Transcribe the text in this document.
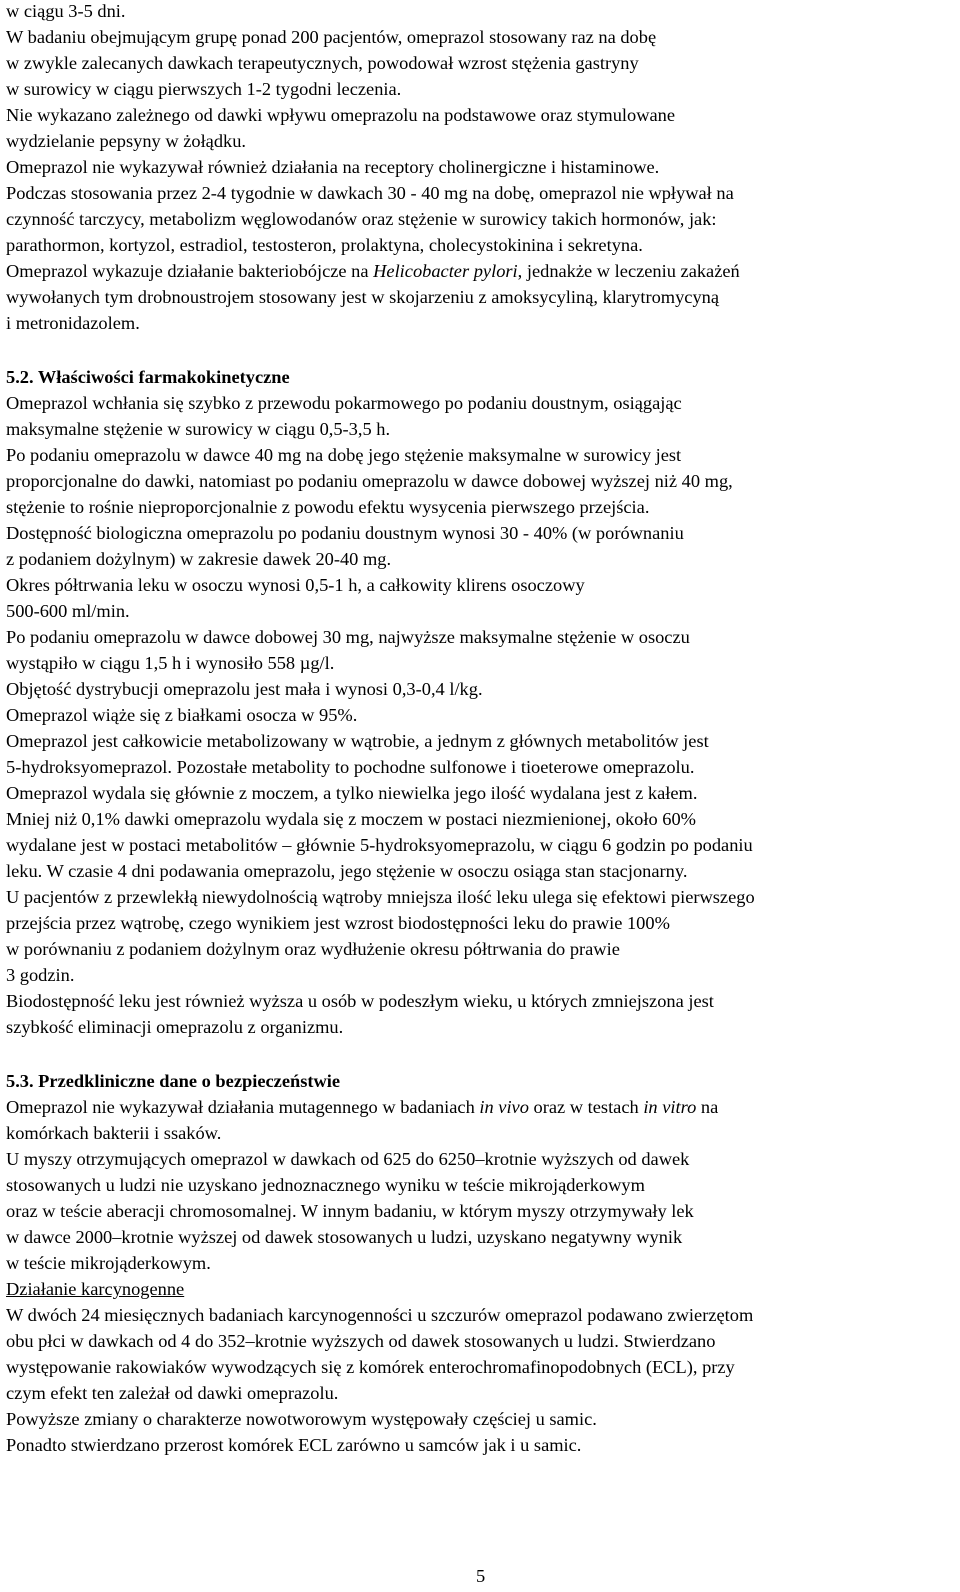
w ciągu 3-5 dni.
W badaniu obejmującym grupę ponad 200 pacjentów, omeprazol stosowany raz na dobę
w zwykle zalecanych dawkach terapeutycznych, powodował wzrost stężenia gastryny
w surowicy w ciągu pierwszych 1-2 tygodni leczenia.
Nie wykazano zależnego od dawki wpływu omeprazolu na podstawowe oraz stymulowane
wydzielanie pepsyny w żołądku.
Omeprazol nie wykazywał również działania na receptory cholinergiczne i histaminowe.
Podczas stosowania przez 2-4 tygodnie w dawkach 30 - 40 mg na dobę, omeprazol nie wpływał na
czynność tarczycy, metabolizm węglowodanów oraz stężenie w surowicy takich hormonów, jak:
parathormon, kortyzol, estradiol, testosteron, prolaktyna, cholecystokinina i sekretyna.
Omeprazol wykazuje działanie bakteriobójcze na Helicobacter pylori, jednakże w leczeniu zakażeń
wywołanych tym drobnoustrojem stosowany jest w skojarzeniu z amoksycyliną, klarytromycyną
i metronidazolem.
5.2. Właściwości farmakokinetyczne
Omeprazol wchłania się szybko z przewodu pokarmowego po podaniu doustnym, osiągając
maksymalne stężenie w surowicy w ciągu 0,5-3,5 h.
Po podaniu omeprazolu w dawce 40 mg na dobę jego stężenie maksymalne w surowicy jest
proporcjonalne do dawki, natomiast po podaniu omeprazolu w dawce dobowej wyższej niż 40 mg,
stężenie to rośnie nieproporcjonalnie z powodu efektu wysycenia pierwszego przejścia.
Dostępność biologiczna omeprazolu po podaniu doustnym wynosi 30 - 40% (w porównaniu
z podaniem dożylnym) w zakresie dawek 20-40 mg.
Okres półtrwania leku w osoczu wynosi 0,5-1 h, a całkowity klirens osoczowy
500-600 ml/min.
Po podaniu omeprazolu w dawce dobowej 30 mg, najwyższe maksymalne stężenie w osoczu
wystąpiło w ciągu 1,5 h i wynosiło 558 µg/l.
Objętość dystrybucji omeprazolu jest mała i wynosi 0,3-0,4 l/kg.
Omeprazol wiąże się z białkami osocza w 95%.
Omeprazol jest całkowicie metabolizowany w wątrobie, a jednym z głównych metabolitów jest
5-hydroksyomeprazol. Pozostałe metabolity to pochodne sulfonowe i tioeterowe omeprazolu.
Omeprazol wydala się głównie z moczem, a tylko niewielka jego ilość wydalana jest z kałem.
Mniej niż 0,1% dawki omeprazolu wydala się z moczem w postaci niezmienionej, około 60%
wydalane jest w postaci metabolitów – głównie 5-hydroksyomeprazolu, w ciągu 6 godzin po podaniu
leku. W czasie 4 dni podawania omeprazolu, jego stężenie w osoczu osiąga stan stacjonarny.
U pacjentów z przewlekłą niewydolnością wątroby mniejsza ilość leku ulega się efektowi pierwszego
przejścia przez wątrobę, czego wynikiem jest wzrost biodostępności leku do prawie 100%
w porównaniu z podaniem dożylnym oraz wydłużenie okresu półtrwania do prawie
3 godzin.
Biodostępność leku jest również wyższa u osób w podeszłym wieku, u których zmniejszona jest
szybkość eliminacji omeprazolu z organizmu.
5.3. Przedkliniczne dane o bezpieczeństwie
Omeprazol nie wykazywał działania mutagennego w badaniach in vivo oraz w testach in vitro na
komórkach bakterii i ssaków.
U myszy otrzymujących omeprazol w dawkach od 625 do 6250–krotnie wyższych od dawek
stosowanych u ludzi nie uzyskano jednoznacznego wyniku w teście mikrojąderkowym
oraz w teście aberacji chromosomalnej. W innym badaniu, w którym myszy otrzymywały lek
w dawce 2000–krotnie wyższej od dawek stosowanych u ludzi, uzyskano negatywny wynik
w teście mikrojąderkowym.
Działanie karcynogenne
W dwóch 24 miesięcznych badaniach karcynogenności u szczurów omeprazol podawano zwierzętom
obu płci w dawkach od 4 do 352–krotnie wyższych od dawek stosowanych u ludzi. Stwierdzano
występowanie rakowiaków wywodzących się z komórek enterochromafinopodobnych (ECL), przy
czym efekt ten zależał od dawki omeprazolu.
Powyższe zmiany o charakterze nowotworowym występowały częściej u samic.
Ponadto stwierdzano przerost komórek ECL zarówno u samców jak i u samic.
5
